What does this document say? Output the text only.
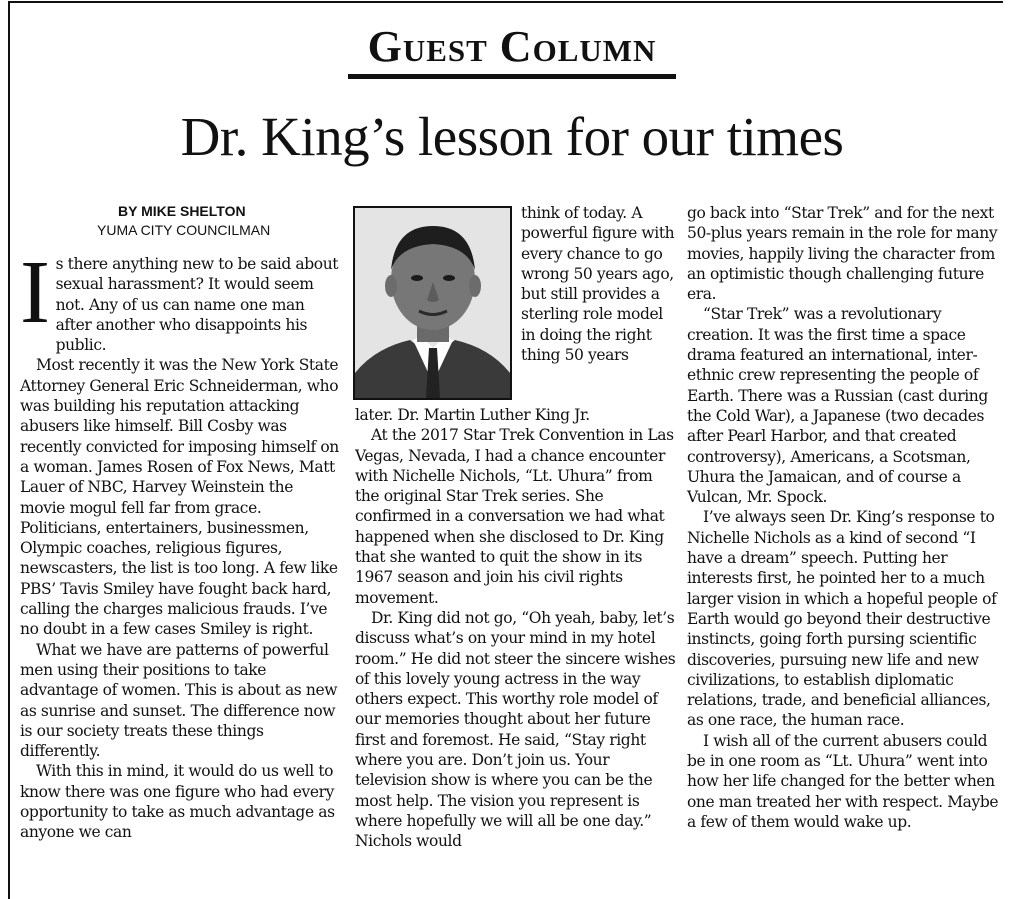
Guest Column
Dr. King’s lesson for our times
BY MIKE SHELTON
YUMA CITY COUNCILMAN

Is there anything new to be said about sexual harassment? It would seem not. Any of us can name one man after another who disappoints his public.

Most recently it was the New York State Attorney General Eric Schneiderman, who was building his reputation attacking abusers like himself. Bill Cosby was recently convicted for imposing himself on a woman. James Rosen of Fox News, Matt Lauer of NBC, Harvey Weinstein the movie mogul fell far from grace. Politicians, entertainers, businessmen, Olympic coaches, religious figures, newscasters, the list is too long. A few like PBS’ Tavis Smiley have fought back hard, calling the charges malicious frauds. I’ve no doubt in a few cases Smiley is right.

What we have are patterns of powerful men using their positions to take advantage of women. This is about as new as sunrise and sunset. The difference now is our society treats these things differently.

With this in mind, it would do us well to know there was one figure who had every opportunity to take as much advantage as anyone we can

think of today. A powerful figure with every chance to go wrong 50 years ago, but still provides a sterling role model in doing the right thing 50 years

later. Dr. Martin Luther King Jr.

At the 2017 Star Trek Convention in Las Vegas, Nevada, I had a chance encounter with Nichelle Nichols, “Lt. Uhura” from the original Star Trek series. She confirmed in a conversation we had what happened when she disclosed to Dr. King that she wanted to quit the show in its 1967 season and join his civil rights movement.

Dr. King did not go, “Oh yeah, baby, let’s discuss what’s on your mind in my hotel room.” He did not steer the sincere wishes of this lovely young actress in the way others expect. This worthy role model of our memories thought about her future first and foremost. He said, “Stay right where you are. Don’t join us. Your television show is where you can be the most help. The vision you represent is where hopefully we will all be one day.” Nichols would

go back into “Star Trek” and for the next 50-plus years remain in the role for many movies, happily living the character from an optimistic though challenging future era.

“Star Trek” was a revolutionary creation. It was the first time a space drama featured an international, inter-ethnic crew representing the people of Earth. There was a Russian (cast during the Cold War), a Japanese (two decades after Pearl Harbor, and that created controversy), Americans, a Scotsman, Uhura the Jamaican, and of course a Vulcan, Mr. Spock.

I’ve always seen Dr. King’s response to Nichelle Nichols as a kind of second “I have a dream” speech. Putting her interests first, he pointed her to a much larger vision in which a hopeful people of Earth would go beyond their destructive instincts, going forth pursing scientific discoveries, pursuing new life and new civilizations, to establish diplomatic relations, trade, and beneficial alliances, as one race, the human race.

I wish all of the current abusers could be in one room as “Lt. Uhura” went into how her life changed for the better when one man treated her with respect. Maybe a few of them would wake up.
